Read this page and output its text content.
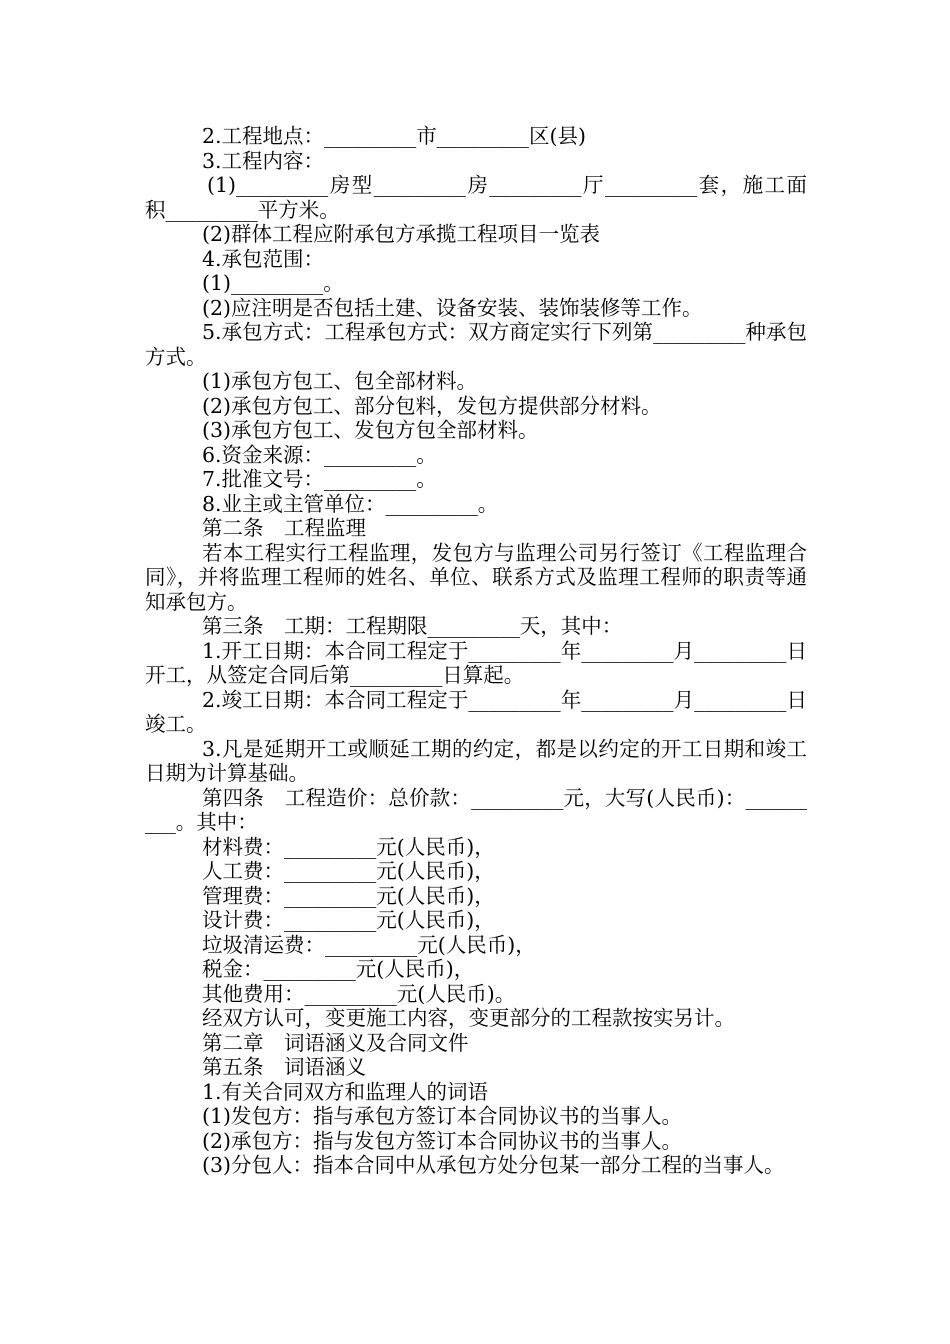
2.工程地点：_________市_________区(县)

3.工程内容：

(1)_________房型_________房_________厅_________套，施工面积_________平方米。

(2)群体工程应附承包方承揽工程项目一览表

4.承包范围：

(1)_________。

(2)应注明是否包括土建、设备安装、装饰装修等工作。

5.承包方式：工程承包方式：双方商定实行下列第_________种承包方式。

(1)承包方包工、包全部材料。

(2)承包方包工、部分包料，发包方提供部分材料。

(3)承包方包工、发包方包全部材料。

6.资金来源：_________。

7.批准文号：_________。

8.业主或主管单位：_________。

第二条　工程监理

若本工程实行工程监理，发包方与监理公司另行签订《工程监理合同》，并将监理工程师的姓名、单位、联系方式及监理工程师的职责等通知承包方。

第三条　工期：工程期限_________天，其中：

1.开工日期：本合同工程定于_________年_________月_________日开工，从签定合同后第_________日算起。

2.竣工日期：本合同工程定于_________年_________月_________日竣工。

3.凡是延期开工或顺延工期的约定，都是以约定的开工日期和竣工日期为计算基础。

第四条　工程造价：总价款：_________元，大写(人民币)：_________。其中：

材料费：_________元(人民币)，

人工费：_________元(人民币)，

管理费：_________元(人民币)，

设计费：_________元(人民币)，

垃圾清运费：_________元(人民币)，

税金：_________元(人民币)，

其他费用：_________元(人民币)。

经双方认可，变更施工内容，变更部分的工程款按实另计。

第二章　词语涵义及合同文件

第五条　词语涵义

1.有关合同双方和监理人的词语

(1)发包方：指与承包方签订本合同协议书的当事人。

(2)承包方：指与发包方签订本合同协议书的当事人。

(3)分包人：指本合同中从承包方处分包某一部分工程的当事人。
